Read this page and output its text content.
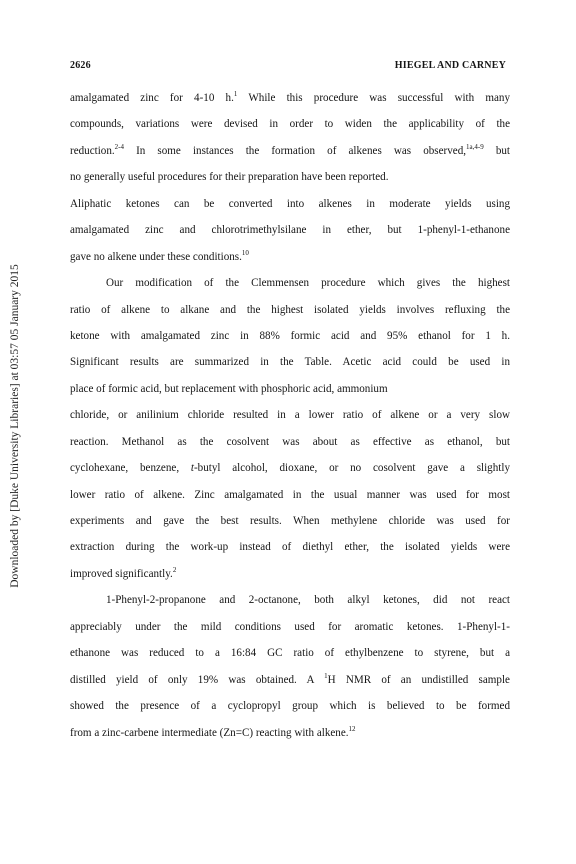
2626	HIEGEL AND CARNEY
Downloaded by [Duke University Libraries] at 03:57 05 January 2015
amalgamated zinc for 4-10 h.$^1$ While this procedure was successful with many
compounds, variations were devised in order to widen the applicability of the
reduction.$^{2-4}$ In some instances the formation of alkenes was observed,$^{1a,4-9}$ but
no generally useful procedures for their preparation have been reported.
Aliphatic ketones can be converted into alkenes in moderate yields using
amalgamated zinc and chlorotrimethylsilane in ether, but 1-phenyl-1-ethanone
gave no alkene under these conditions.$^{10}$
Our modification of the Clemmensen procedure which gives the highest
ratio of alkene to alkane and the highest isolated yields involves refluxing the
ketone with amalgamated zinc in 88% formic acid and 95% ethanol for 1 h.
Significant results are summarized in the Table. Acetic acid could be used in
place of formic acid, but replacement with phosphoric acid, ammonium
chloride, or anilinium chloride resulted in a lower ratio of alkene or a very slow
reaction. Methanol as the cosolvent was about as effective as ethanol, but
cyclohexane, benzene, t-butyl alcohol, dioxane, or no cosolvent gave a slightly
lower ratio of alkene. Zinc amalgamated in the usual manner was used for most
experiments and gave the best results. When methylene chloride was used for
extraction during the work-up instead of diethyl ether, the isolated yields were
improved significantly.$^2$
1-Phenyl-2-propanone and 2-octanone, both alkyl ketones, did not react
appreciably under the mild conditions used for aromatic ketones. 1-Phenyl-1-
ethanone was reduced to a 16:84 GC ratio of ethylbenzene to styrene, but a
distilled yield of only 19% was obtained. A $^1$H NMR of an undistilled sample
showed the presence of a cyclopropyl group which is believed to be formed
from a zinc-carbene intermediate (Zn=C) reacting with alkene.$^{12}$
